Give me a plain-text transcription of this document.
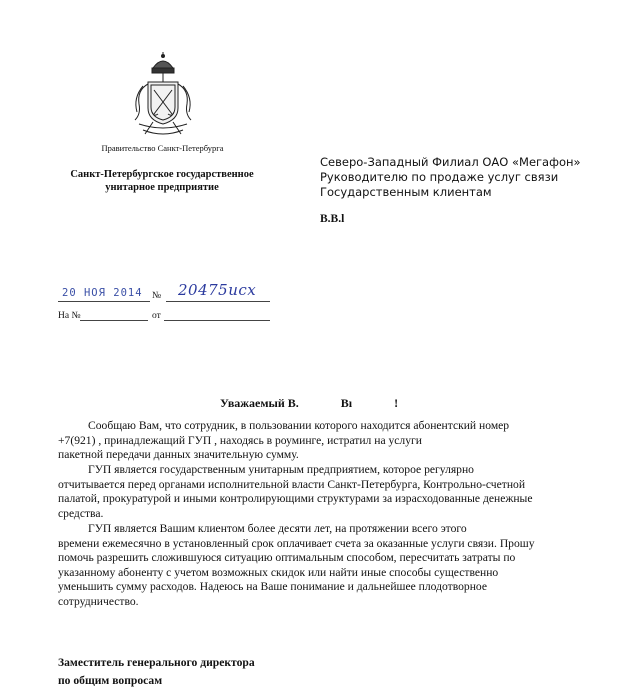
Правительство Санкт-Петербурга
Санкт-Петербургское государственное
унитарное предприятие
Северо-Западный Филиал ОАО «Мегафон»
Руководителю по продаже услуг связи
Государственным клиентам
В.В.l
20 НОЯ 2014 № 20475исх
На №	от
Уважаемый В.              Вı              !
Сообщаю Вам, что сотрудник, в пользовании которого находится абонентский номер
+7(921) , принадлежащий ГУП , находясь в роуминге, истратил на услуги
пакетной передачи данных значительную сумму.
ГУП является государственным унитарным предприятием, которое регулярно
отчитывается перед органами исполнительной власти Санкт-Петербурга, Контрольно-счетной
палатой, прокуратурой и иными контролирующими структурами за израсходованные денежные
средства.
ГУП является Вашим клиентом более десяти лет, на протяжении всего этого
времени ежемесячно в установленный срок оплачивает счета за оказанные услуги связи. Прошу
помочь разрешить сложившуюся ситуацию оптимальным способом, пересчитать затраты по
указанному абоненту с учетом возможных скидок или найти иные способы существенно
уменьшить сумму расходов. Надеюсь на Ваше понимание и дальнейшее плодотворное
сотрудничество.
Заместитель генерального директора
по общим вопросам
